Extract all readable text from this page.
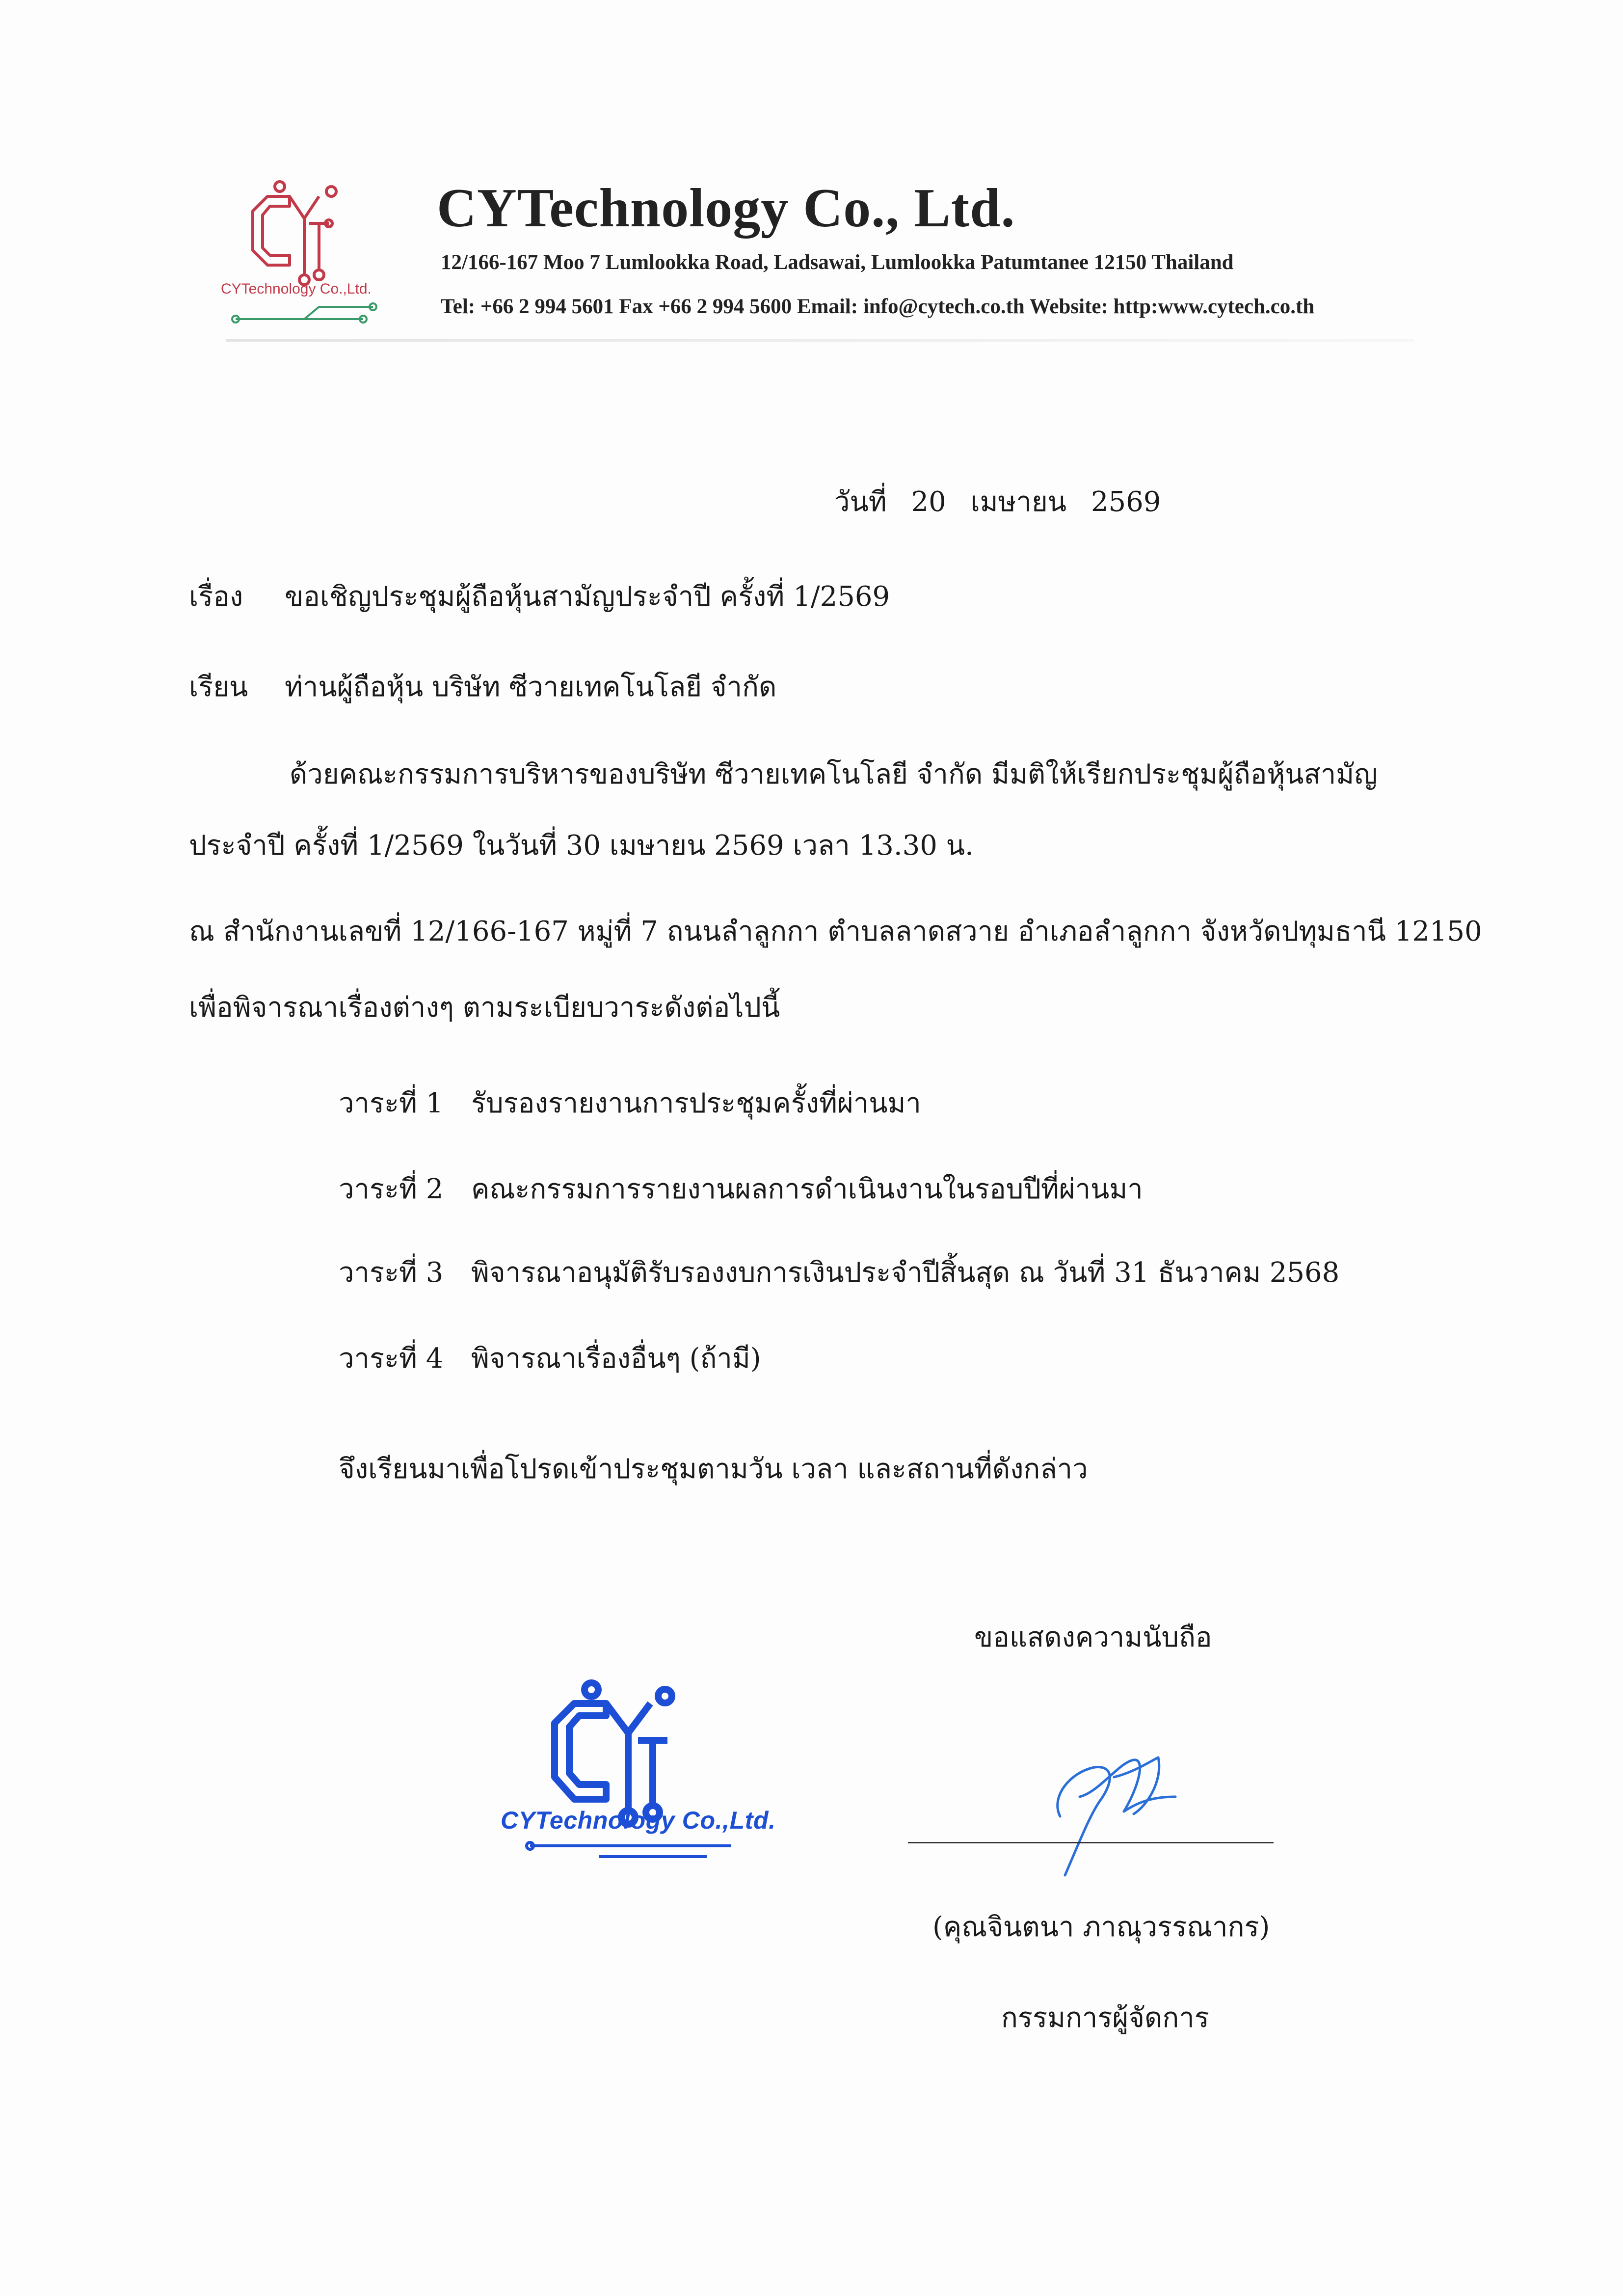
CYTechnology Co.,Ltd.
CYTechnology Co., Ltd.
12/166-167 Moo 7 Lumlookka Road, Ladsawai, Lumlookka Patumtanee 12150 Thailand
Tel: +66 2 994 5601 Fax +66 2 994 5600 Email: info@cytech.co.th Website: http:www.cytech.co.th
วันที่ 20 เมษายน 2569
เรื่อง ขอเชิญประชุมผู้ถือหุ้นสามัญประจำปี ครั้งที่ 1/2569
เรียน ท่านผู้ถือหุ้น บริษัท ซีวายเทคโนโลยี จำกัด
ด้วยคณะกรรมการบริหารของบริษัท ซีวายเทคโนโลยี จำกัด มีมติให้เรียกประชุมผู้ถือหุ้นสามัญ
ประจำปี ครั้งที่ 1/2569 ในวันที่ 30 เมษายน 2569 เวลา 13.30 น.
ณ สำนักงานเลขที่ 12/166-167 หมู่ที่ 7 ถนนลำลูกกา ตำบลลาดสวาย อำเภอลำลูกกา จังหวัดปทุมธานี 12150
เพื่อพิจารณาเรื่องต่างๆ ตามระเบียบวาระดังต่อไปนี้
วาระที่ 1 รับรองรายงานการประชุมครั้งที่ผ่านมา
วาระที่ 2 คณะกรรมการรายงานผลการดำเนินงานในรอบปีที่ผ่านมา
วาระที่ 3 พิจารณาอนุมัติรับรองงบการเงินประจำปีสิ้นสุด ณ วันที่ 31 ธันวาคม 2568
วาระที่ 4 พิจารณาเรื่องอื่นๆ (ถ้ามี)
จึงเรียนมาเพื่อโปรดเข้าประชุมตามวัน เวลา และสถานที่ดังกล่าว
ขอแสดงความนับถือ
CYTechnology Co.,Ltd.
(คุณจินตนา ภาณุวรรณากร)
กรรมการผู้จัดการ
